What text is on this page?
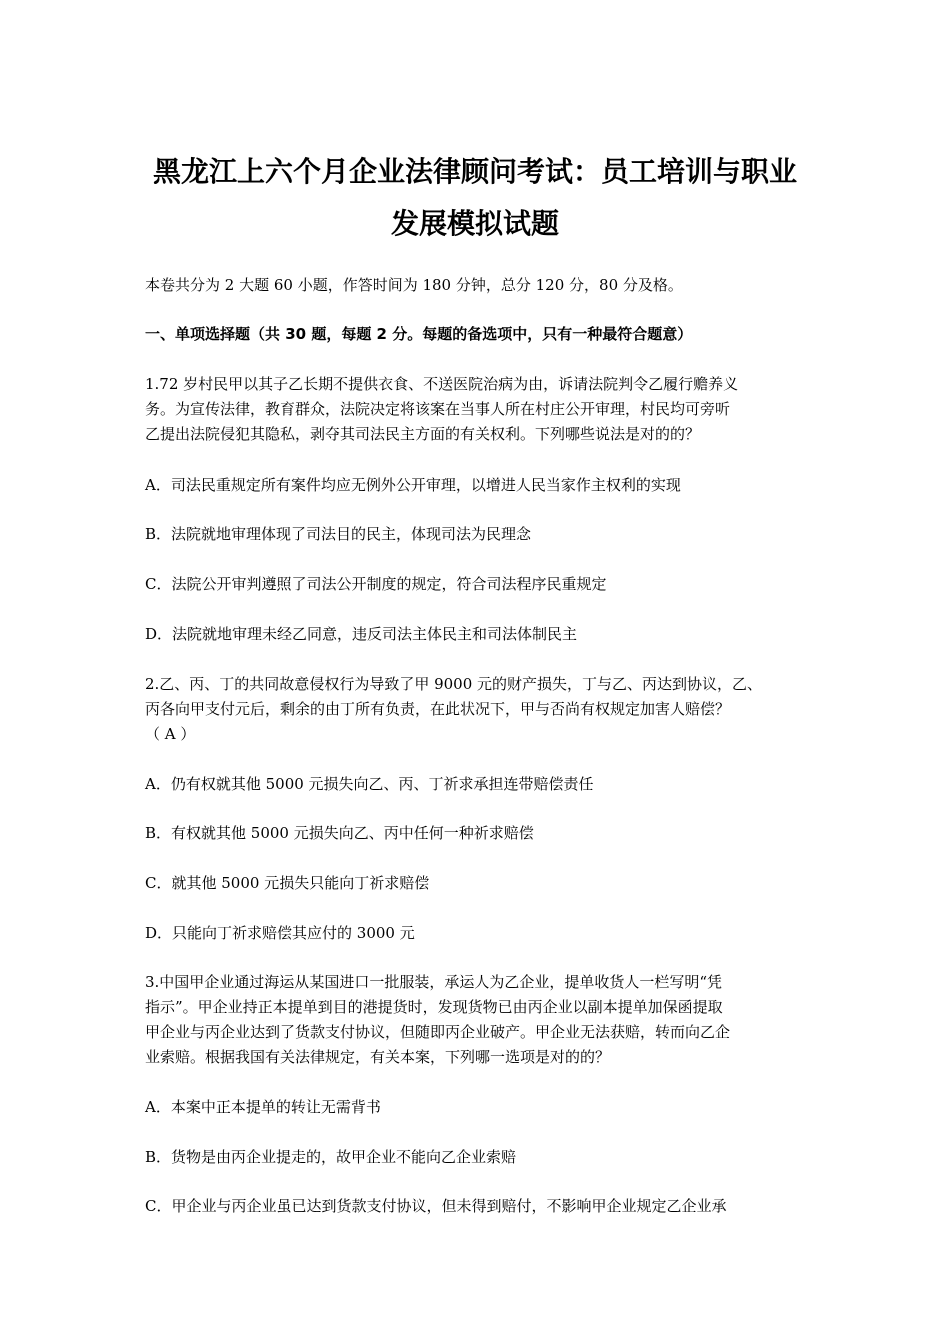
黑龙江上六个月企业法律顾问考试：员工培训与职业
发展模拟试题

本卷共分为 2 大题 60 小题，作答时间为 180 分钟，总分 120 分，80 分及格。

一、单项选择题（共 30 题，每题 2 分。每题的备选项中，只有一种最符合题意）

1.72 岁村民甲以其子乙长期不提供衣食、不送医院治病为由，诉请法院判令乙履行赡养义
务。为宣传法律，教育群众，法院决定将该案在当事人所在村庄公开审理，村民均可旁听
乙提出法院侵犯其隐私，剥夺其司法民主方面的有关权利。下列哪些说法是对的的？

A．司法民重规定所有案件均应无例外公开审理，以增进人民当家作主权利的实现

B．法院就地审理体现了司法目的民主，体现司法为民理念

C．法院公开审判遵照了司法公开制度的规定，符合司法程序民重规定

D．法院就地审理未经乙同意，违反司法主体民主和司法体制民主

2.乙、丙、丁的共同故意侵权行为导致了甲 9000 元的财产损失，丁与乙、丙达到协议，乙、
丙各向甲支付元后，剩余的由丁所有负责，在此状况下，甲与否尚有权规定加害人赔偿？
（ A ）

A．仍有权就其他 5000 元损失向乙、丙、丁祈求承担连带赔偿责任

B．有权就其他 5000 元损失向乙、丙中任何一种祈求赔偿

C．就其他 5000 元损失只能向丁祈求赔偿

D．只能向丁祈求赔偿其应付的 3000 元

3.中国甲企业通过海运从某国进口一批服装，承运人为乙企业，提单收货人一栏写明“凭
指示”。甲企业持正本提单到目的港提货时，发现货物已由丙企业以副本提单加保函提取
甲企业与丙企业达到了货款支付协议，但随即丙企业破产。甲企业无法获赔，转而向乙企
业索赔。根据我国有关法律规定，有关本案，下列哪一选项是对的的？

A．本案中正本提单的转让无需背书

B．货物是由丙企业提走的，故甲企业不能向乙企业索赔

C．甲企业与丙企业虽已达到货款支付协议，但未得到赔付，不影响甲企业规定乙企业承
